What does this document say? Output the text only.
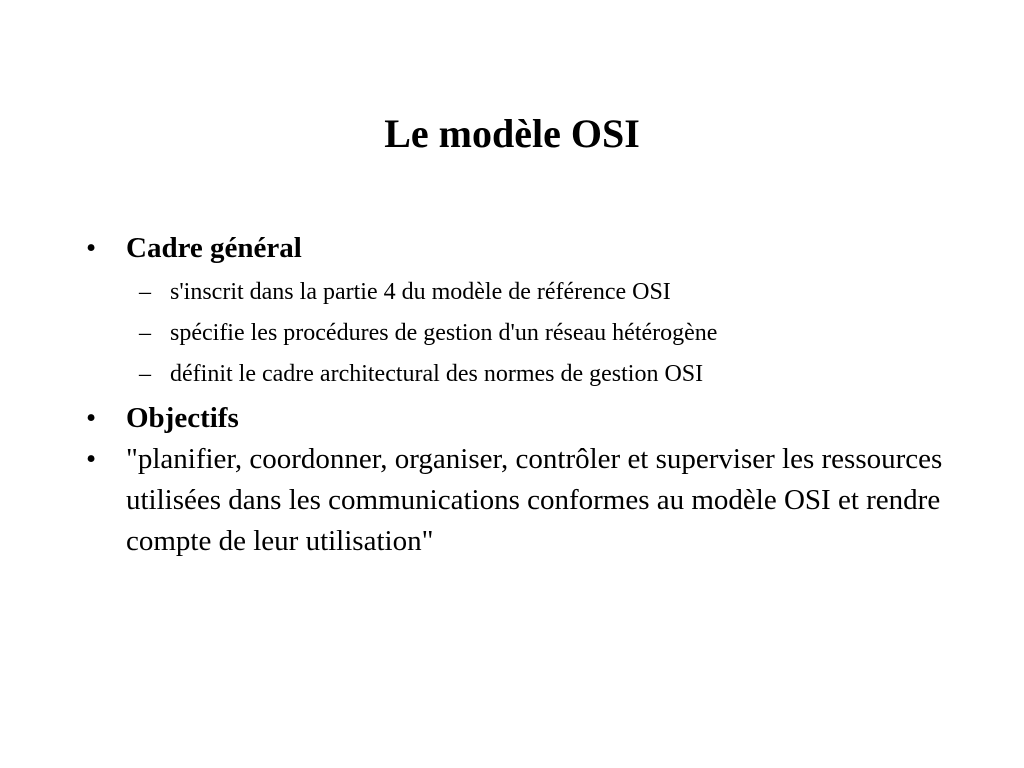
Le modèle OSI
• Cadre général
– s'inscrit dans la partie 4 du modèle de référence OSI
– spécifie les procédures de gestion d'un réseau hétérogène
– définit le cadre architectural des normes de gestion OSI
• Objectifs
• "planifier, coordonner, organiser, contrôler et superviser les ressources utilisées dans les communications conformes au modèle OSI et rendre compte de leur utilisation"
